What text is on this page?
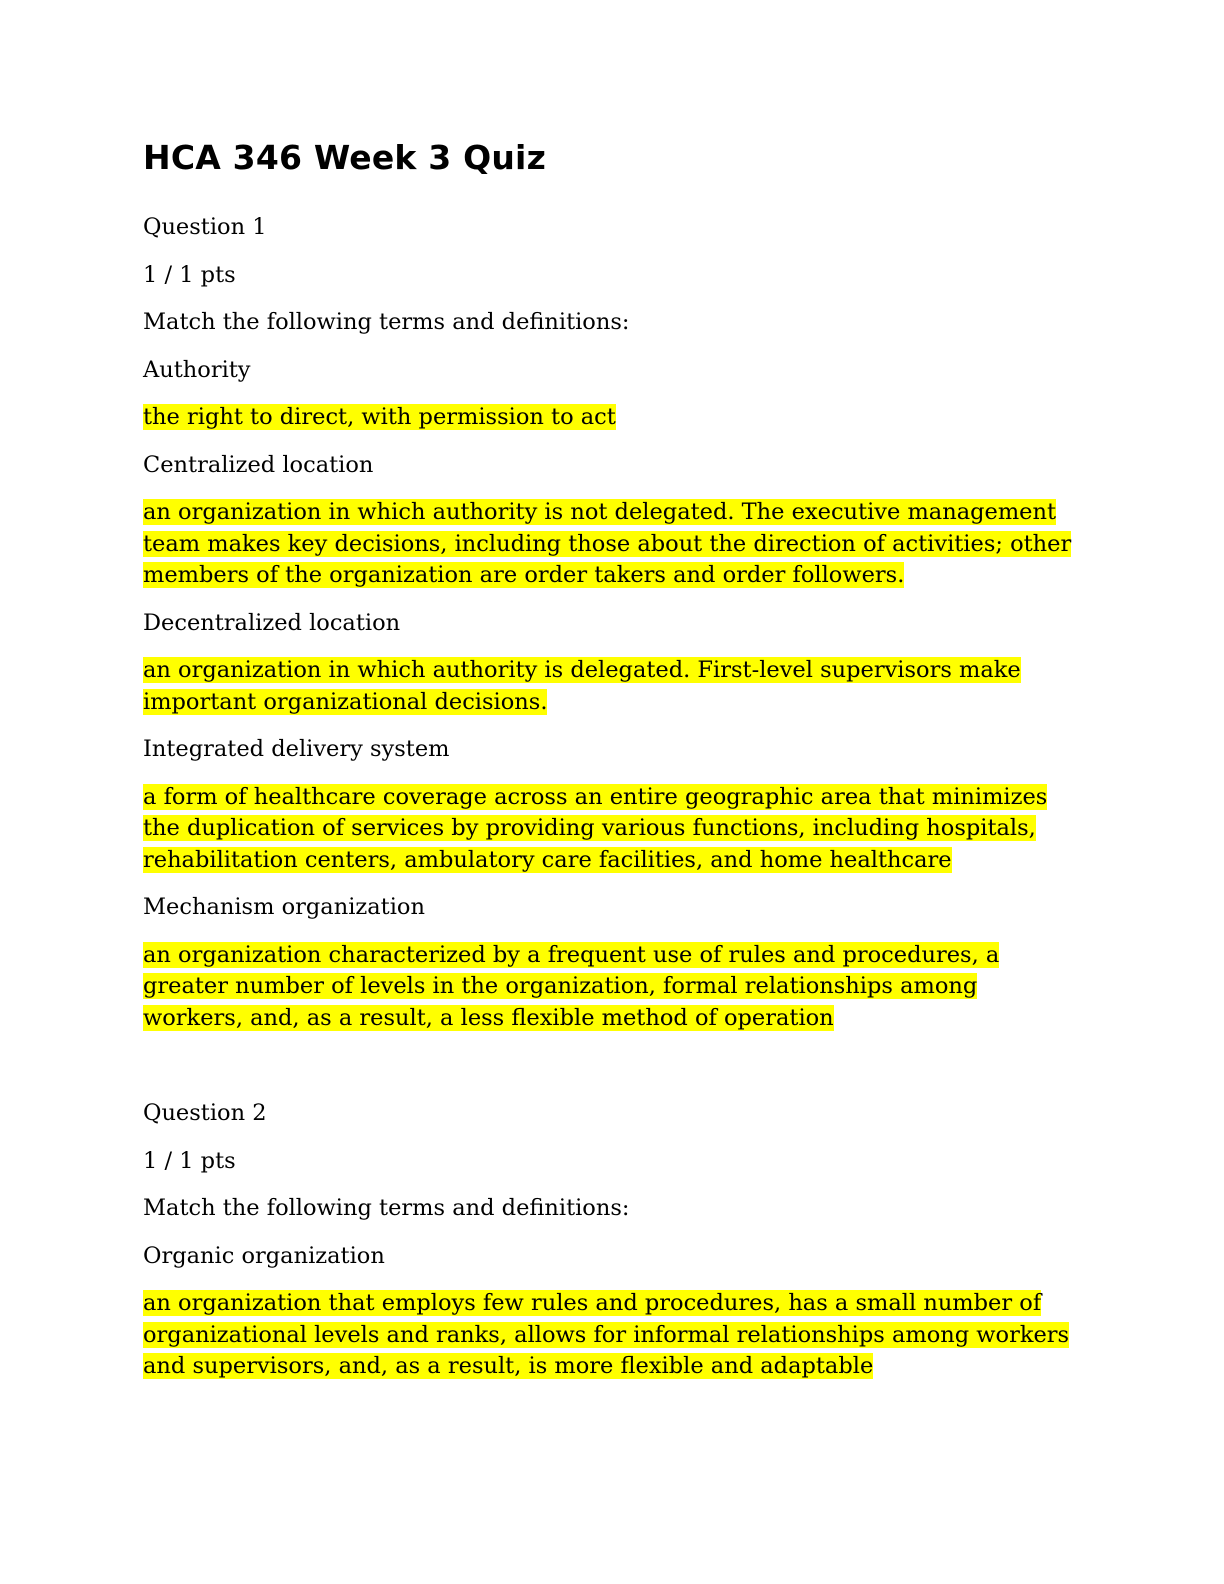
HCA 346 Week 3 Quiz
Question 1
1 / 1 pts
Match the following terms and definitions:
Authority
the right to direct, with permission to act
Centralized location
an organization in which authority is not delegated. The executive management team makes key decisions, including those about the direction of activities; other members of the organization are order takers and order followers.
Decentralized location
an organization in which authority is delegated. First-level supervisors make important organizational decisions.
Integrated delivery system
a form of healthcare coverage across an entire geographic area that minimizes the duplication of services by providing various functions, including hospitals, rehabilitation centers, ambulatory care facilities, and home healthcare
Mechanism organization
an organization characterized by a frequent use of rules and procedures, a greater number of levels in the organization, formal relationships among workers, and, as a result, a less flexible method of operation
Question 2
1 / 1 pts
Match the following terms and definitions:
Organic organization
an organization that employs few rules and procedures, has a small number of organizational levels and ranks, allows for informal relationships among workers and supervisors, and, as a result, is more flexible and adaptable
